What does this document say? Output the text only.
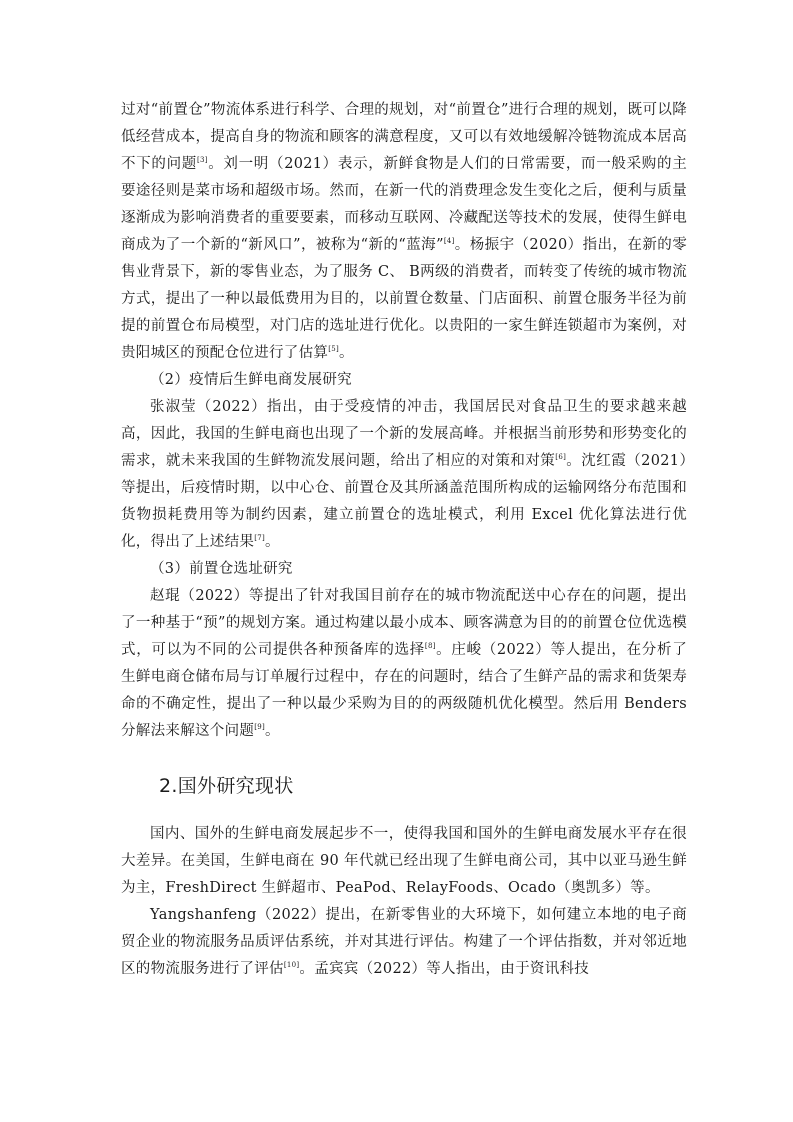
过对“前置仓”物流体系进行科学、合理的规划，对“前置仓”进行合理的规划，既可以降低经营成本，提高自身的物流和顾客的满意程度，又可以有效地缓解冷链物流成本居高不下的问题[3]。刘一明（2021）表示，新鲜食物是人们的日常需要，而一般采购的主要途径则是菜市场和超级市场。然而，在新一代的消费理念发生变化之后，便利与质量逐渐成为影响消费者的重要要素，而移动互联网、冷藏配送等技术的发展，使得生鲜电商成为了一个新的“新风口”，被称为“新的“蓝海”[4]。杨振宇（2020）指出，在新的零售业背景下，新的零售业态，为了服务 C、 B两级的消费者，而转变了传统的城市物流方式，提出了一种以最低费用为目的，以前置仓数量、门店面积、前置仓服务半径为前提的前置仓布局模型，对门店的选址进行优化。以贵阳的一家生鲜连锁超市为案例，对贵阳城区的预配仓位进行了估算[5]。

（2）疫情后生鲜电商发展研究

张淑莹（2022）指出，由于受疫情的冲击，我国居民对食品卫生的要求越来越高，因此，我国的生鲜电商也出现了一个新的发展高峰。并根据当前形势和形势变化的需求，就未来我国的生鲜物流发展问题，给出了相应的对策和对策[6]。沈红霞（2021）等提出，后疫情时期，以中心仓、前置仓及其所涵盖范围所构成的运输网络分布范围和货物损耗费用等为制约因素，建立前置仓的选址模式，利用 Excel 优化算法进行优化，得出了上述结果[7]。

（3）前置仓选址研究

赵琨（2022）等提出了针对我国目前存在的城市物流配送中心存在的问题，提出了一种基于“预”的规划方案。通过构建以最小成本、顾客满意为目的的前置仓位优选模式，可以为不同的公司提供各种预备库的选择[8]。庄峻（2022）等人提出，在分析了生鲜电商仓储布局与订单履行过程中，存在的问题时，结合了生鲜产品的需求和货架寿命的不确定性，提出了一种以最少采购为目的的两级随机优化模型。然后用 Benders 分解法来解这个问题[9]。

2.国外研究现状

国内、国外的生鲜电商发展起步不一，使得我国和国外的生鲜电商发展水平存在很大差异。在美国，生鲜电商在 90 年代就已经出现了生鲜电商公司，其中以亚马逊生鲜为主，FreshDirect 生鲜超市、PeaPod、RelayFoods、Ocado（奥凯多）等。

Yangshanfeng（2022）提出，在新零售业的大环境下，如何建立本地的电子商贸企业的物流服务品质评估系统，并对其进行评估。构建了一个评估指数，并对邻近地区的物流服务进行了评估[10]。孟宾宾（2022）等人指出，由于资讯科技
